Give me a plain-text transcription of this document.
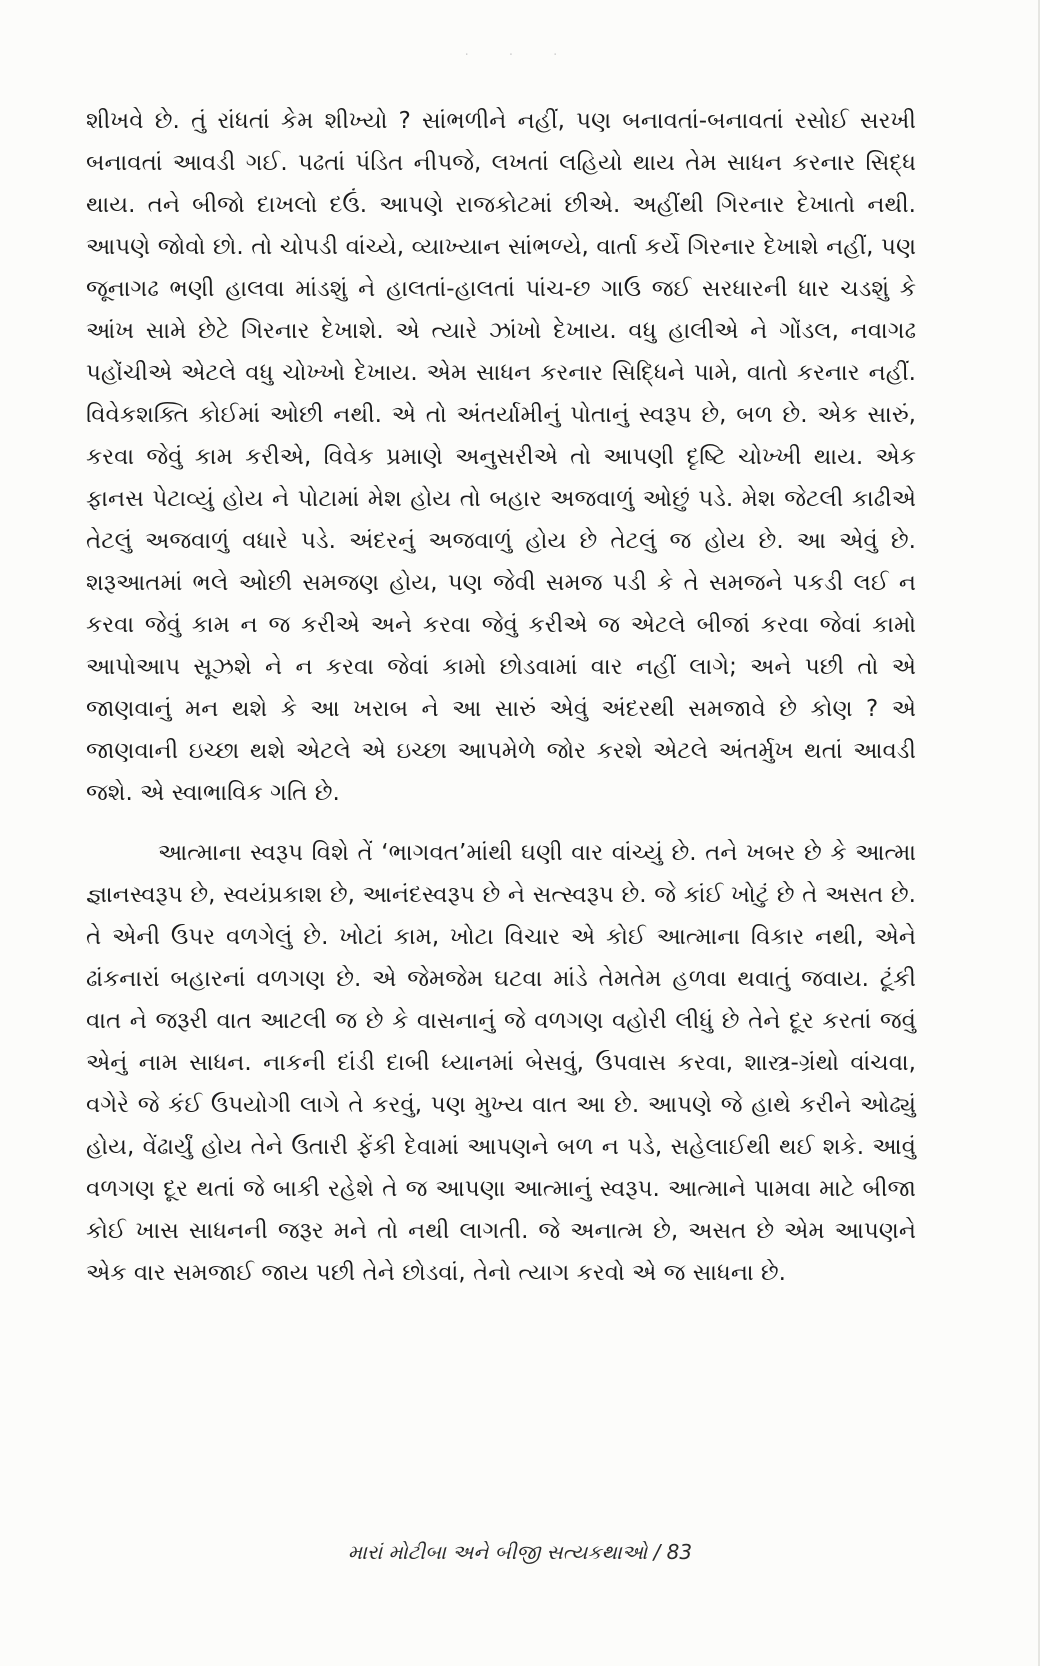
· · ·

શીખવે છે. તું રાંધતાં કેમ શીખ્યો ? સાંભળીને નહીં, પણ બનાવતાં-બનાવતાં રસોઈ સરખી બનાવતાં આવડી ગઈ. પઢતાં પંડિત નીપજે, લખતાં લહિયો થાય તેમ સાધન કરનાર સિદ્ધ થાય. તને બીજો દાખલો દઉં. આપણે રાજકોટમાં છીએ. અહીંથી ગિરનાર દેખાતો નથી. આપણે જોવો છો. તો ચોપડી વાંચ્યે, વ્યાખ્યાન સાંભળ્યે, વાર્તા કર્યે ગિરનાર દેખાશે નહીં, પણ જૂનાગઢ ભણી હાલવા માંડશું ને હાલતાં-હાલતાં પાંચ-છ ગાઉ જઈ સરધારની ધાર ચડશું કે આંખ સામે છેટે ગિરનાર દેખાશે. એ ત્યારે ઝાંખો દેખાય. વધુ હાલીએ ને ગોંડલ, નવાગઢ પહોંચીએ એટલે વધુ ચોખ્ખો દેખાય. એમ સાધન કરનાર સિદ્ધિને પામે, વાતો કરનાર નહીં. વિવેકશક્તિ કોઈમાં ઓછી નથી. એ તો અંતર્યામીનું પોતાનું સ્વરૂપ છે, બળ છે. એક સારું, કરવા જેવું કામ કરીએ, વિવેક પ્રમાણે અનુસરીએ તો આપણી દૃષ્ટિ ચોખ્ખી થાય. એક ફાનસ પેટાવ્યું હોય ને પોટામાં મેશ હોય તો બહાર અજવાળું ઓછું પડે. મેશ જેટલી કાઢીએ તેટલું અજવાળું વધારે પડે. અંદરનું અજવાળું હોય છે તેટલું જ હોય છે. આ એવું છે. શરૂઆતમાં ભલે ઓછી સમજણ હોય, પણ જેવી સમજ પડી કે તે સમજને પકડી લઈ ન કરવા જેવું કામ ન જ કરીએ અને કરવા જેવું કરીએ જ એટલે બીજાં કરવા જેવાં કામો આપોઆપ સૂઝશે ને ન કરવા જેવાં કામો છોડવામાં વાર નહીં લાગે; અને પછી તો એ જાણવાનું મન થશે કે આ ખરાબ ને આ સારું એવું અંદરથી સમજાવે છે કોણ ? એ જાણવાની ઇચ્છા થશે એટલે એ ઇચ્છા આપમેળે જોર કરશે એટલે અંતર્મુખ થતાં આવડી જશે. એ સ્વાભાવિક ગતિ છે.

આત્માના સ્વરૂપ વિશે તેં ‘ભાગવત’માંથી ઘણી વાર વાંચ્યું છે. તને ખબર છે કે આત્મા જ્ઞાનસ્વરૂપ છે, સ્વયંપ્રકાશ છે, આનંદસ્વરૂપ છે ને સત્સ્વરૂપ છે. જે કાંઈ ખોટું છે તે અસત છે. તે એની ઉપર વળગેલું છે. ખોટાં કામ, ખોટા વિચાર એ કોઈ આત્માના વિકાર નથી, એને ઢાંકનારાં બહારનાં વળગણ છે. એ જેમજેમ ઘટવા માંડે તેમતેમ હળવા થવાતું જવાય. ટૂંકી વાત ને જરૂરી વાત આટલી જ છે કે વાસનાનું જે વળગણ વહોરી લીધું છે તેને દૂર કરતાં જવું એનું નામ સાધન. નાકની દાંડી દાબી ધ્યાનમાં બેસવું, ઉપવાસ કરવા, શાસ્ત્ર-ગ્રંથો વાંચવા, વગેરે જે કંઈ ઉપયોગી લાગે તે કરવું, પણ મુખ્ય વાત આ છે. આપણે જે હાથે કરીને ઓઢ્યું હોય, વેંઢાર્યું હોય તેને ઉતારી ફેંકી દેવામાં આપણને બળ ન પડે, સહેલાઈથી થઈ શકે. આવું વળગણ દૂર થતાં જે બાકી રહેશે તે જ આપણા આત્માનું સ્વરૂપ. આત્માને પામવા માટે બીજા કોઈ ખાસ સાધનની જરૂર મને તો નથી લાગતી. જે અનાત્મ છે, અસત છે એમ આપણને એક વાર સમજાઈ જાય પછી તેને છોડવાં, તેનો ત્યાગ કરવો એ જ સાધના છે.

મારાં મોટીબા અને બીજી સત્યકથાઓ / 83
